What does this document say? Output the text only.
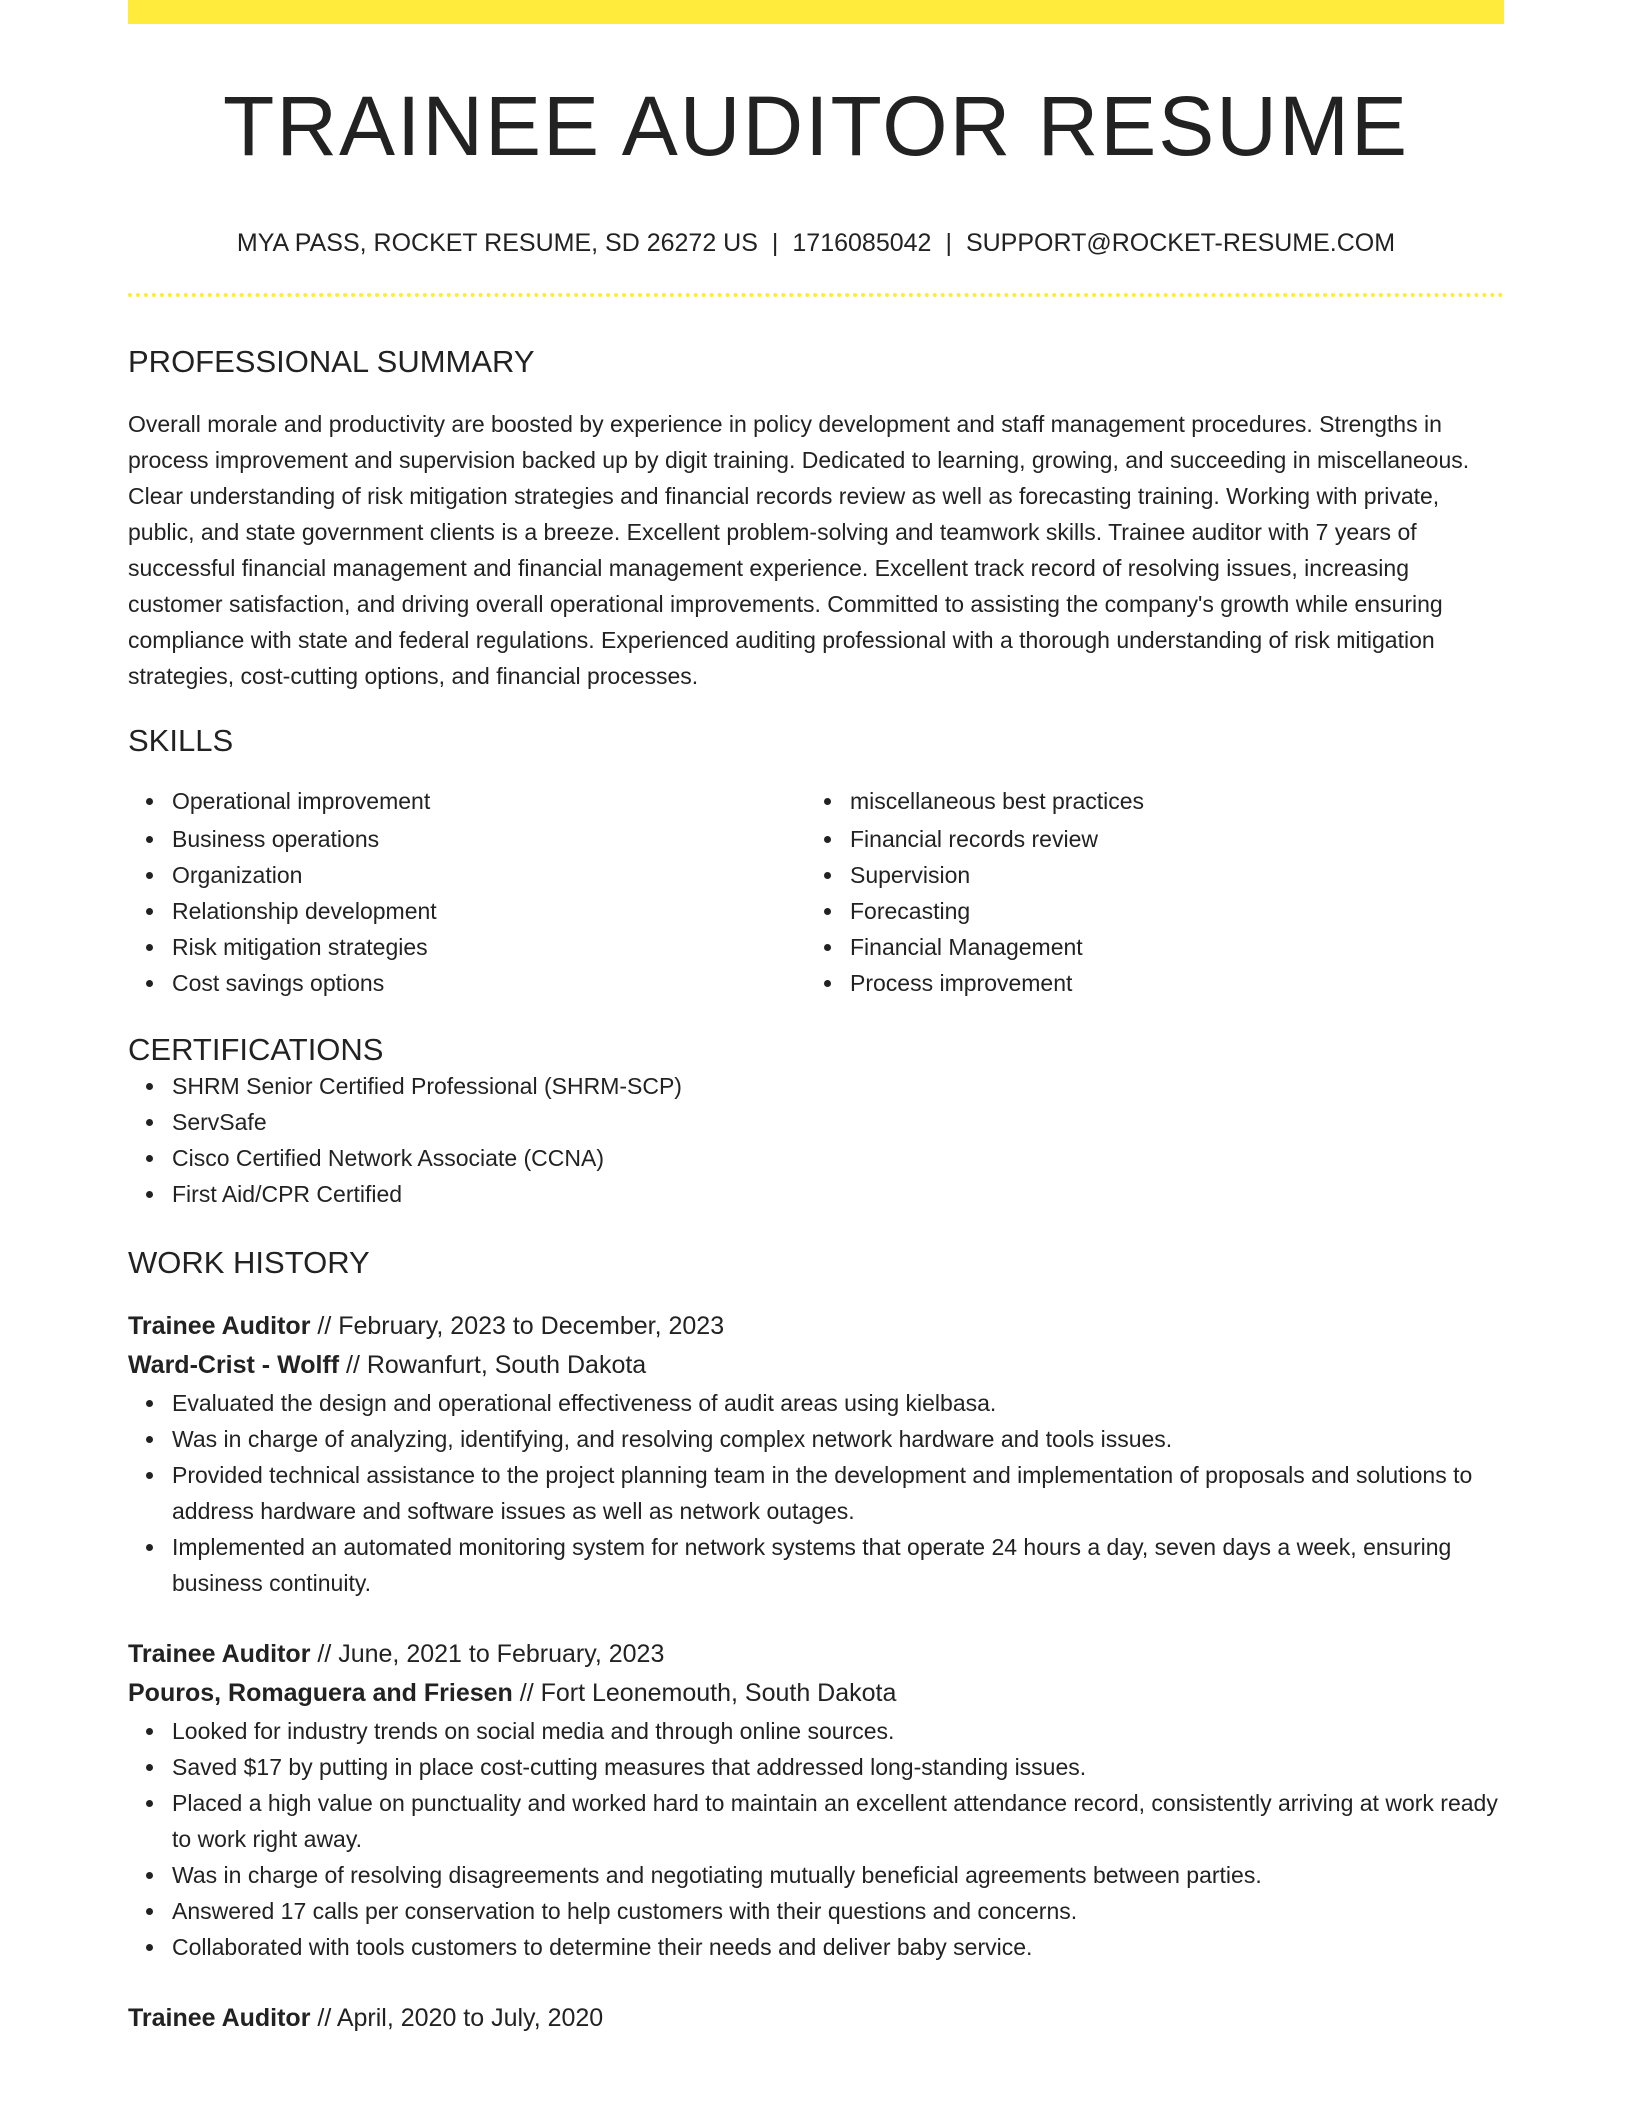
TRAINEE AUDITOR RESUME
MYA PASS, ROCKET RESUME, SD 26272 US | 1716085042 | SUPPORT@ROCKET-RESUME.COM
PROFESSIONAL SUMMARY

Overall morale and productivity are boosted by experience in policy development and staff management procedures. Strengths in process improvement and supervision backed up by digit training. Dedicated to learning, growing, and succeeding in miscellaneous. Clear understanding of risk mitigation strategies and financial records review as well as forecasting training. Working with private, public, and state government clients is a breeze. Excellent problem-solving and teamwork skills. Trainee auditor with 7 years of successful financial management and financial management experience. Excellent track record of resolving issues, increasing customer satisfaction, and driving overall operational improvements. Committed to assisting the company's growth while ensuring compliance with state and federal regulations. Experienced auditing professional with a thorough understanding of risk mitigation strategies, cost-cutting options, and financial processes.

SKILLS
Operational improvement
Business operations
Organization
Relationship development
Risk mitigation strategies
Cost savings options
miscellaneous best practices
Financial records review
Supervision
Forecasting
Financial Management
Process improvement
CERTIFICATIONS
SHRM Senior Certified Professional (SHRM-SCP)
ServSafe
Cisco Certified Network Associate (CCNA)
First Aid/CPR Certified
WORK HISTORY
Trainee Auditor // February, 2023 to December, 2023
Ward-Crist - Wolff // Rowanfurt, South Dakota
Evaluated the design and operational effectiveness of audit areas using kielbasa.
Was in charge of analyzing, identifying, and resolving complex network hardware and tools issues.
Provided technical assistance to the project planning team in the development and implementation of proposals and solutions to address hardware and software issues as well as network outages.
Implemented an automated monitoring system for network systems that operate 24 hours a day, seven days a week, ensuring business continuity.
Trainee Auditor // June, 2021 to February, 2023
Pouros, Romaguera and Friesen // Fort Leonemouth, South Dakota
Looked for industry trends on social media and through online sources.
Saved $17 by putting in place cost-cutting measures that addressed long-standing issues.
Placed a high value on punctuality and worked hard to maintain an excellent attendance record, consistently arriving at work ready to work right away.
Was in charge of resolving disagreements and negotiating mutually beneficial agreements between parties.
Answered 17 calls per conservation to help customers with their questions and concerns.
Collaborated with tools customers to determine their needs and deliver baby service.
Trainee Auditor // April, 2020 to July, 2020
